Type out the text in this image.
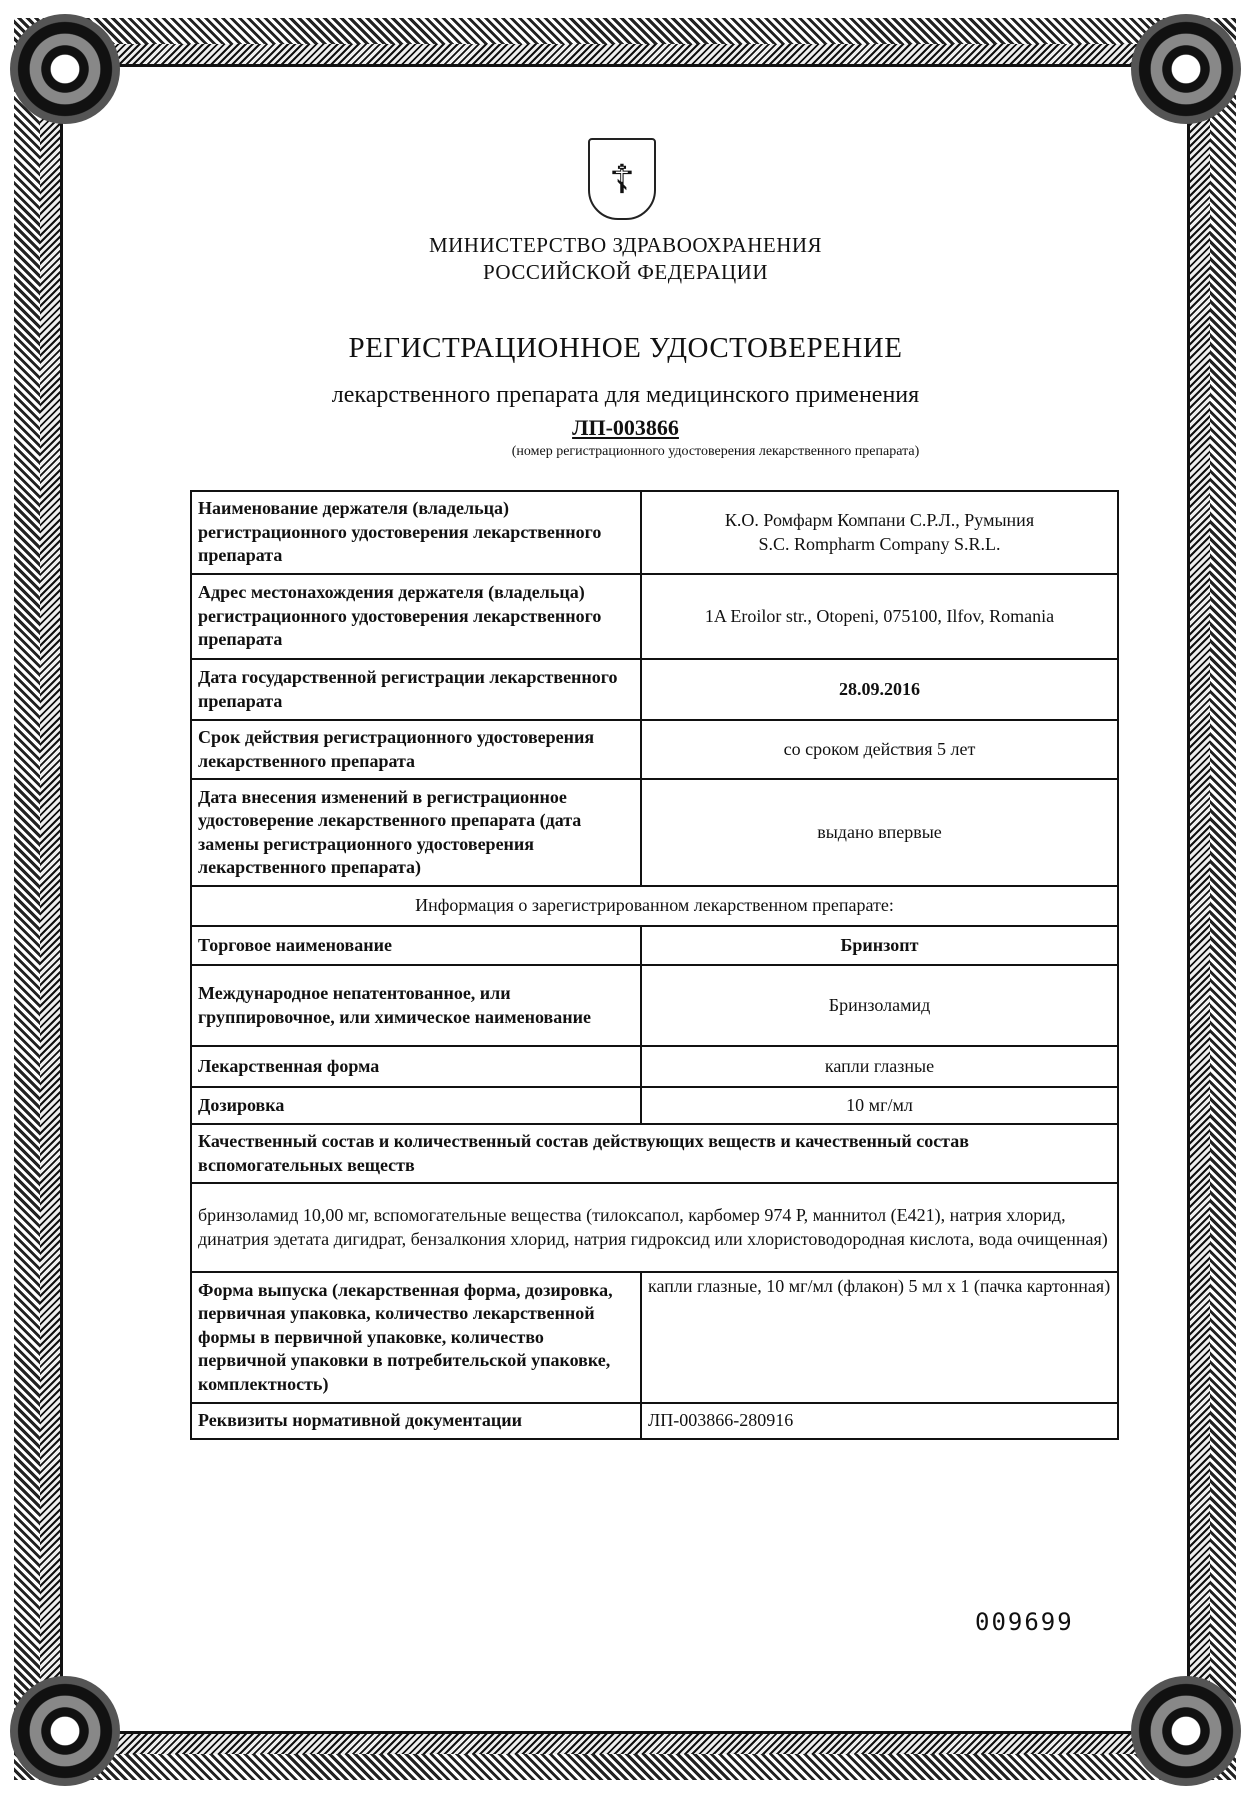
☦
МИНИСТЕРСТВО ЗДРАВООХРАНЕНИЯ
РОССИЙСКОЙ ФЕДЕРАЦИИ
РЕГИСТРАЦИОННОЕ УДОСТОВЕРЕНИЕ
лекарственного препарата для медицинского применения
ЛП-003866
(номер регистрационного удостоверения лекарственного препарата)
Наименование держателя (владельца) регистрационного удостоверения лекарственного препарата	К.О. Ромфарм Компани С.Р.Л., Румыния
S.C. Rompharm Company S.R.L.

Адрес местонахождения держателя (владельца) регистрационного удостоверения лекарственного препарата	1A Eroilor str., Otopeni, 075100, Ilfov, Romania
Дата государственной регистрации лекарственного препарата	28.09.2016
Срок действия регистрационного удостоверения лекарственного препарата	со сроком действия 5 лет
Дата внесения изменений в регистрационное удостоверение лекарственного препарата (дата замены регистрационного удостоверения лекарственного препарата)	выдано впервые
Информация о зарегистрированном лекарственном препарате:	
Торговое наименование	Бринзопт
Международное непатентованное, или группировочное, или химическое наименование	Бринзоламид
Лекарственная форма	капли глазные
Дозировка	10 мг/мл
Качественный состав и количественный состав действующих веществ и качественный состав вспомогательных веществ	
бринзоламид 10,00 мг, вспомогательные вещества (тилоксапол, карбомер 974 Р, маннитол (Е421), натрия хлорид, динатрия эдетата дигидрат, бензалкония хлорид, натрия гидроксид или хлористоводородная кислота, вода очищенная)	
Форма выпуска (лекарственная форма, дозировка, первичная упаковка, количество лекарственной формы в первичной упаковке, количество первичной упаковки в потребительской упаковке, комплектность)	капли глазные, 10 мг/мл (флакон) 5 мл х 1 (пачка картонная)
Реквизиты нормативной документации	ЛП-003866-280916
009699
